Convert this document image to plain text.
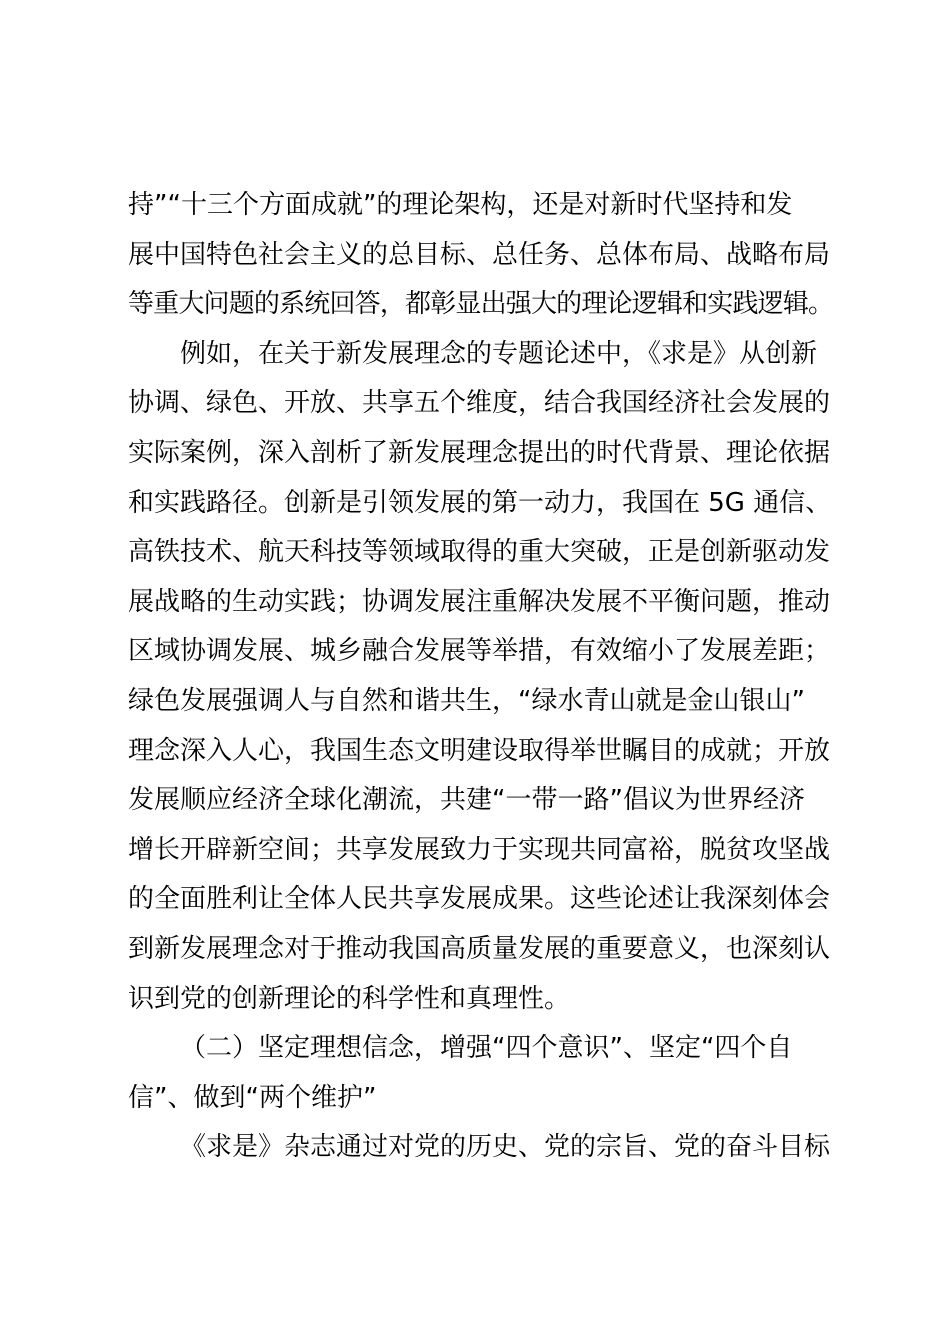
持”“十三个方面成就”的理论架构，还是对新时代坚持和发
展中国特色社会主义的总目标、总任务、总体布局、战略布局
等重大问题的系统回答，都彰显出强大的理论逻辑和实践逻辑。
例如，在关于新发展理念的专题论述中，《求是》从创新
协调、绿色、开放、共享五个维度，结合我国经济社会发展的
实际案例，深入剖析了新发展理念提出的时代背景、理论依据
和实践路径。创新是引领发展的第一动力，我国在 5G 通信、
高铁技术、航天科技等领域取得的重大突破，正是创新驱动发
展战略的生动实践；协调发展注重解决发展不平衡问题，推动
区域协调发展、城乡融合发展等举措，有效缩小了发展差距；
绿色发展强调人与自然和谐共生，“绿水青山就是金山银山”
理念深入人心，我国生态文明建设取得举世瞩目的成就；开放
发展顺应经济全球化潮流，共建“一带一路”倡议为世界经济
增长开辟新空间；共享发展致力于实现共同富裕，脱贫攻坚战
的全面胜利让全体人民共享发展成果。这些论述让我深刻体会
到新发展理念对于推动我国高质量发展的重要意义，也深刻认
识到党的创新理论的科学性和真理性。
（二）坚定理想信念，增强“四个意识”、坚定“四个自
信”、做到“两个维护”
《求是》杂志通过对党的历史、党的宗旨、党的奋斗目标
